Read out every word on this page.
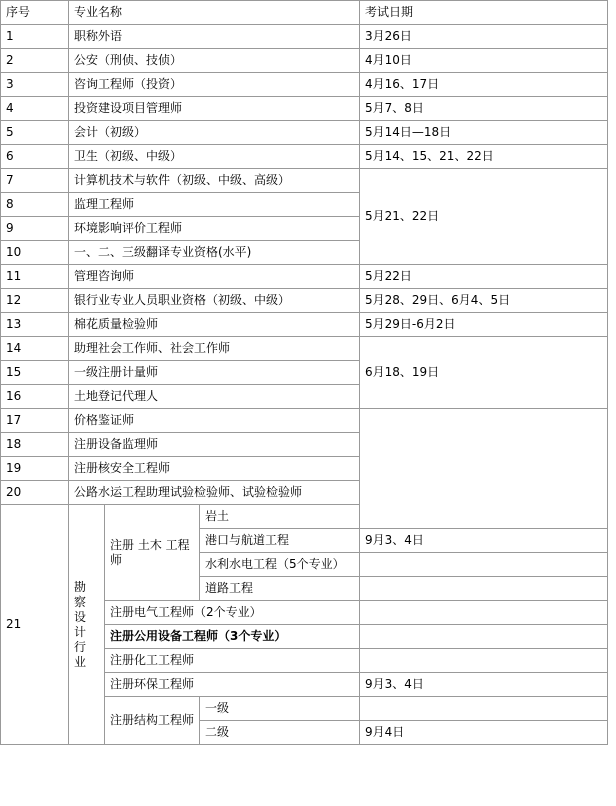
序号	专业名称			考试日期
1	职称外语			3月26日
2	公安（刑侦、技侦）			4月10日
3	咨询工程师（投资）			4月16、17日
4	投资建设项目管理师			5月7、8日
5	会计（初级）			5月14日—18日
6	卫生（初级、中级）			5月14、15、21、22日
7	计算机技术与软件（初级、中级、高级）			5月21、22日
8	监理工程师			
9	环境影响评价工程师			
10	一、二、三级翻译专业资格(水平)			
11	管理咨询师			5月22日
12	银行业专业人员职业资格（初级、中级）			5月28、29日、6月4、5日
13	棉花质量检验师			5月29日-6月2日
14	助理社会工作师、社会工作师			6月18、19日
15	一级注册计量师			
16	土地登记代理人			
17	价格鉴证师			
18	注册设备监理师			
19	注册核安全工程师			
20	公路水运工程助理试验检验师、试验检验师			
21	勘 察 设 计 行 业	注册 土木 工程 师	岩土	
			港口与航道工程	9月3、4日
			水利水电工程（5个专业）	
			道路工程	
		注册电气工程师（2个专业）		
		注册公用设备工程师（3个专业）		
		注册化工工程师		
		注册环保工程师		9月3、4日
		注册结构工程师	一级	
			二级	9月4日
